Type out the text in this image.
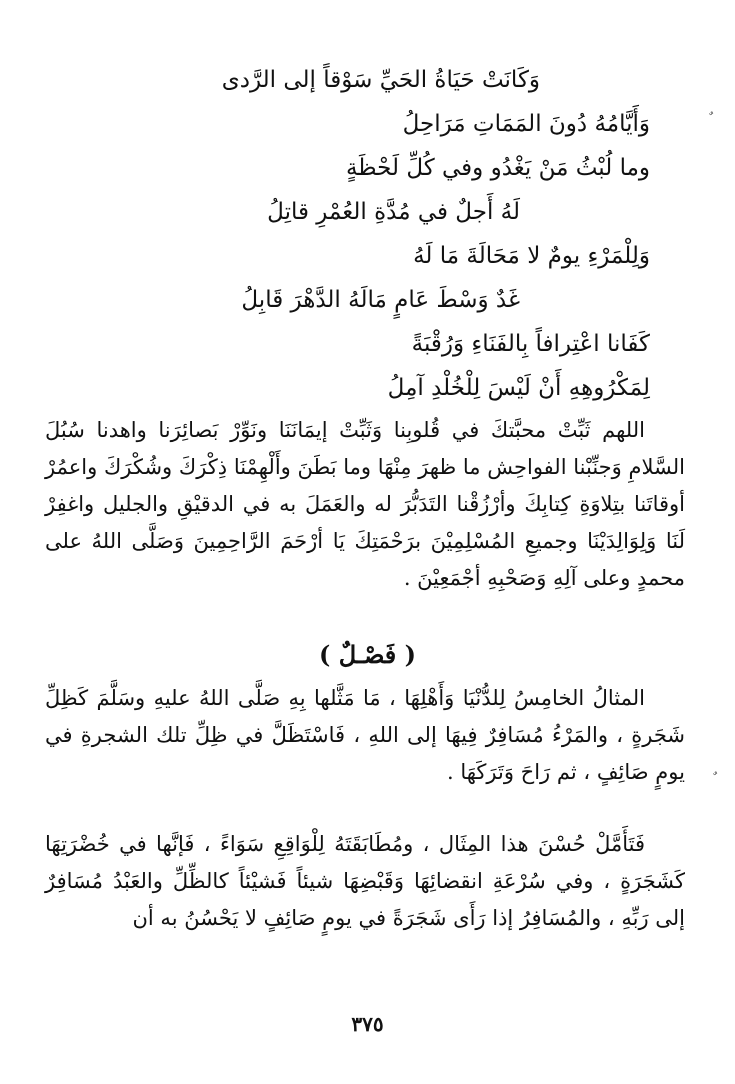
وَكَانَتْ حَيَاةُ الحَيِّ سَوْقاً إلى الرَّدى
وَأَيَّامُهُ دُونَ المَمَاتِ مَرَاحِلُ
وما لُبْثُ مَنْ يَغْدُو وفي كُلِّ لَحْظَةٍ
لَهُ أَجلٌ في مُدَّةِ العُمْرِ قاتِلُ
وَلِلْمَرْءِ يومٌ لا مَحَالَةَ مَا لَهُ
غَدٌ وَسْطَ عَامٍ مَالَهُ الدَّهْرَ قَابِلُ
كَفَانا اعْتِرافاً بِالفَنَاءِ وَرُقْبَةً
لِمَكْرُوهِهِ أَنْ لَيْسَ لِلْخُلْدِ آمِلُ

اللهم ثَبِّتْ محبَّتكَ في قُلوبِنا وَثَبِّتْ إيمَانَنَا ونَوِّرْ بَصائِرَنا واهدنا سُبُلَ السَّلامِ وَجنِّبْنا الفواحِش ما ظهرَ مِنْهَا وما بَطَنَ وأَلْهِمْنَا ذِكْرَكَ وشُكْرَكَ واعمُرْ أوقاتَنا بتِلاوَةِ كِتابِكَ وأرْزُقْنا التَدَبُّرَ له والعَمَلَ به في الدقيْقِ والجليل واغفِرْ لَنَا وَلِوَالِدَيْنَا وجميعِ المُسْلِمِيْنَ برَحْمَتِكَ يَا أرْحَمَ الرَّاحِمِينَ وَصَلَّى اللهُ على محمدٍ وعلى آلِهِ وَصَحْبِهِ أجْمَعِيْنَ .

( فَصْـلٌ )

المثالُ الخامِسُ لِلدُّنْيَا وَأَهْلِهَا ، مَا مَثَّلها بِهِ صَلَّى اللهُ عليهِ وسَلَّمَ كَظِلِّ شَجَرةٍ ، والمَرْءُ مُسَافِرٌ فِيهَا إلى اللهِ ، فَاسْتَظَلَّ في ظِلِّ تلك الشجرةِ في يومٍ صَائِفٍ ، ثم رَاحَ وَتَرَكَهَا .

فَتَأَمَّلْ حُسْنَ هذا المِثَال ، ومُطَابَقَتَهُ لِلْوَاقِعِ سَوَاءً ، فَإنَّها في خُضْرَتِهَا كَشَجَرَةٍ ، وفي سُرْعَةِ انقضائِهَا وَقَبْضِهَا شيئاً فَشيْئاً كالظِّلِّ والعَبْدُ مُسَافِرٌ إلى رَبِّهِ ، والمُسَافِرُ إذا رَأَى شَجَرَةً في يومٍ صَائِفٍ لا يَحْسُنُ به أن

٣٧٥
